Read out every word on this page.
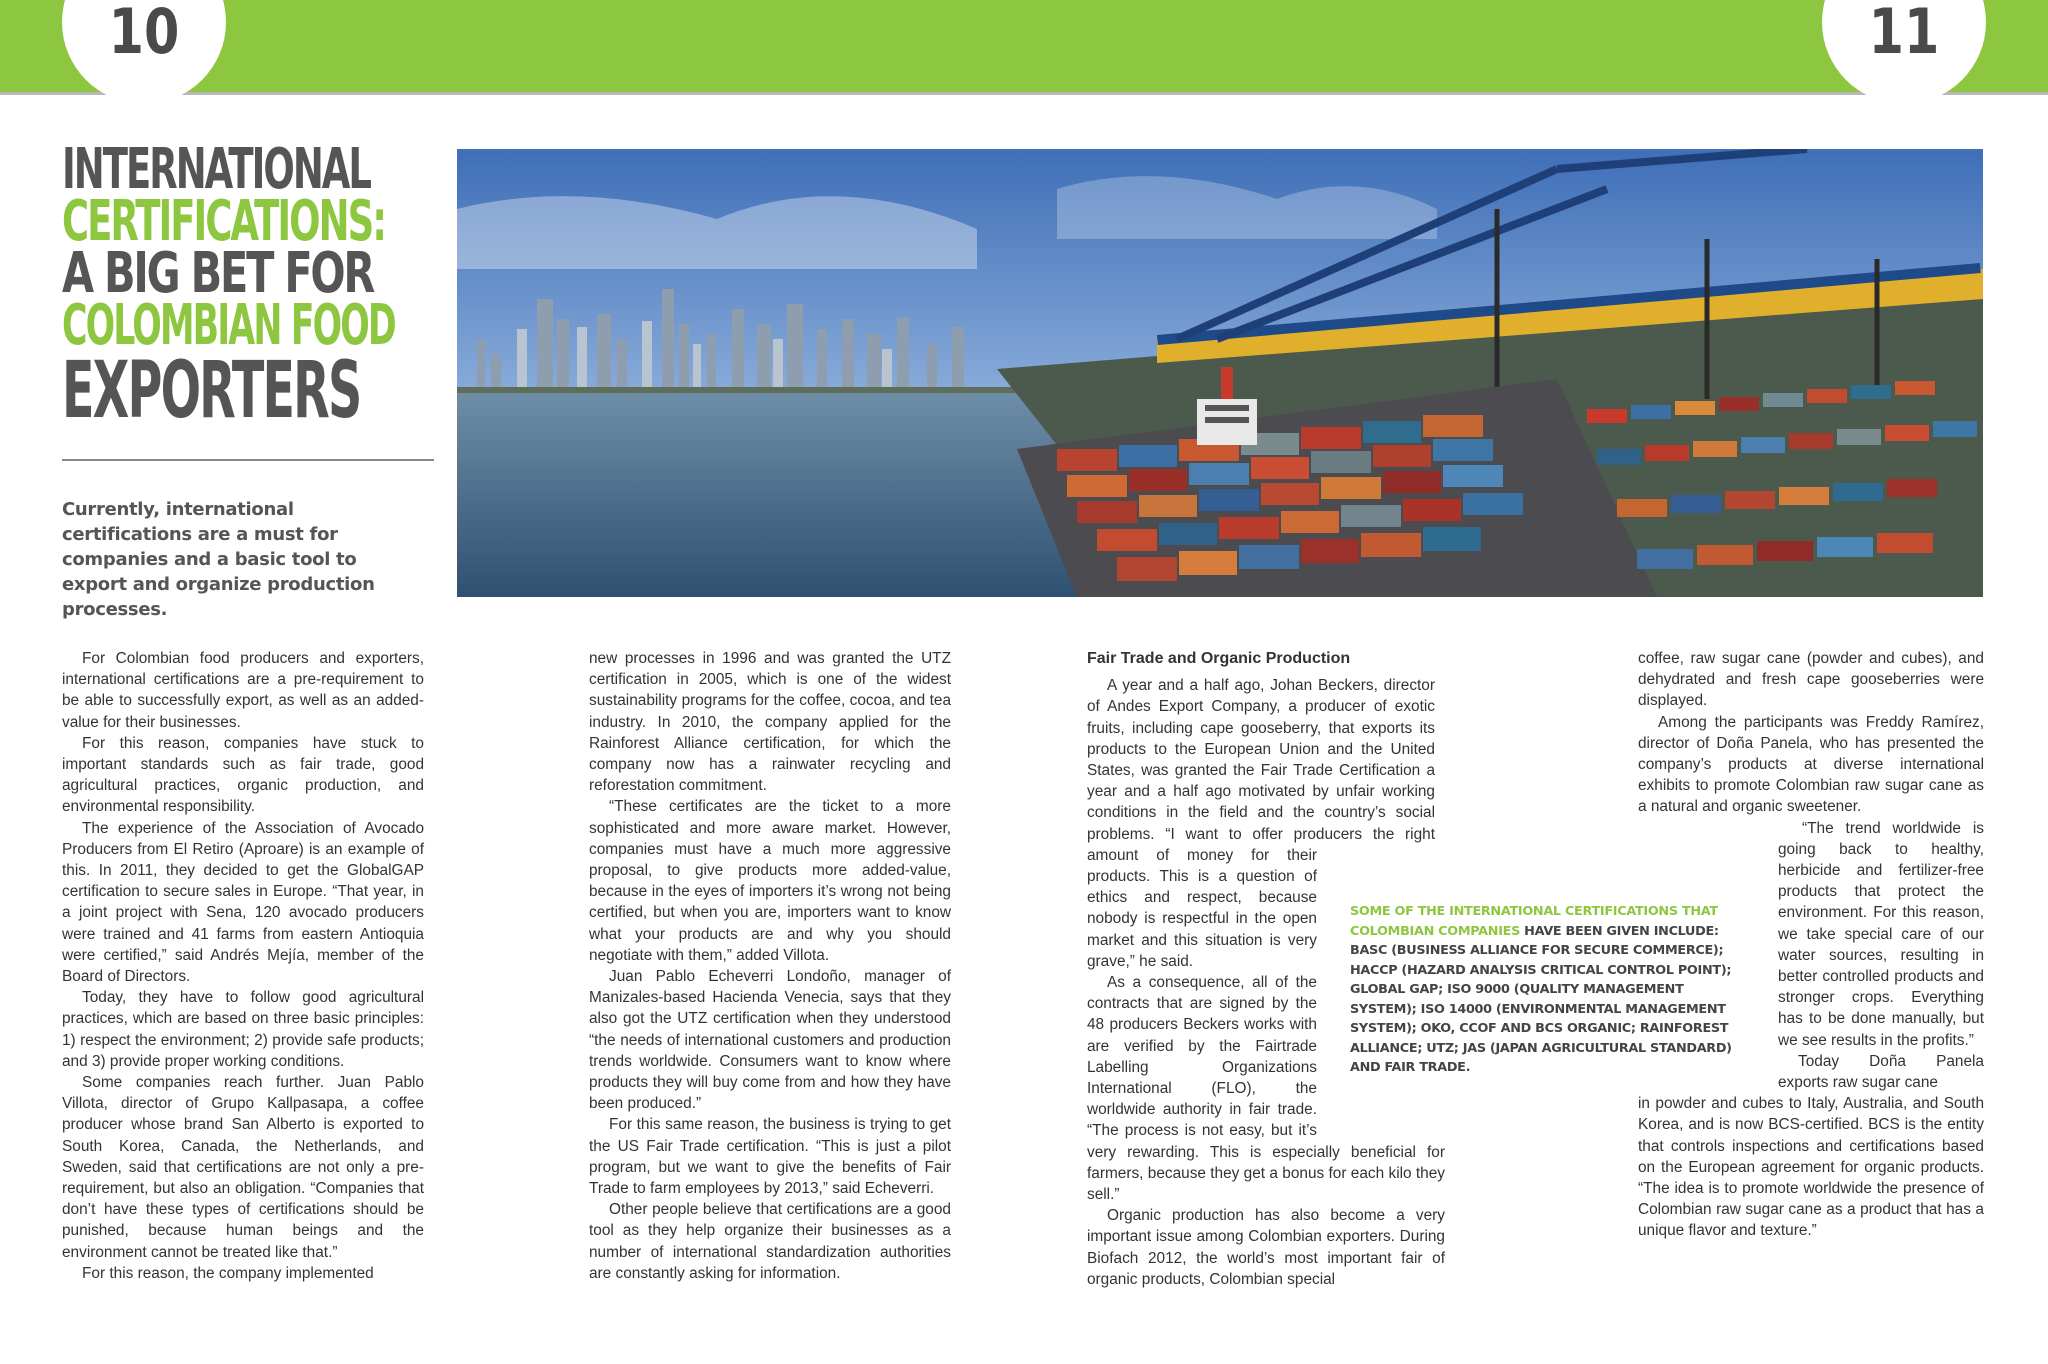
10	11
INTERNATIONAL
CERTIFICATIONS:
A BIG BET FOR
COLOMBIAN FOOD
EXPORTERS
Currently, international certifications are a must for companies and a basic tool to export and organize production processes.

For Colombian food producers and exporters, international certifications are a pre-requirement to be able to successfully export, as well as an added-value for their businesses.

For this reason, companies have stuck to important standards such as fair trade, good agricultural practices, organic production, and environmental responsibility.

The experience of the Association of Avocado Producers from El Retiro (Aproare) is an example of this. In 2011, they decided to get the GlobalGAP certification to secure sales in Europe. “That year, in a joint project with Sena, 120 avocado producers were trained and 41 farms from eastern Antioquia were certified,” said Andrés Mejía, member of the Board of Directors.

Today, they have to follow good agricultural practices, which are based on three basic principles: 1) respect the environment; 2) provide safe products; and 3) provide proper working conditions.

Some companies reach further. Juan Pablo Villota, director of Grupo Kallpasapa, a coffee producer whose brand San Alberto is exported to South Korea, Canada, the Netherlands, and Sweden, said that certifications are not only a pre-requirement, but also an obligation. “Companies that don’t have these types of certifications should be punished, because human beings and the environment cannot be treated like that.”

For this reason, the company implemented

new processes in 1996 and was granted the UTZ certification in 2005, which is one of the widest sustainability programs for the coffee, cocoa, and tea industry. In 2010, the company applied for the Rainforest Alliance certification, for which the company now has a rainwater recycling and reforestation commitment.

“These certificates are the ticket to a more sophisticated and more aware market. However, companies must have a much more aggressive proposal, to give products more added-value, because in the eyes of importers it’s wrong not being certified, but when you are, importers want to know what your products are and why you should negotiate with them,” added Villota.

Juan Pablo Echeverri Londoño, manager of Manizales-based Hacienda Venecia, says that they also got the UTZ certification when they understood “the needs of international customers and production trends worldwide. Consumers want to know where products they will buy come from and how they have been produced.”

For this same reason, the business is trying to get the US Fair Trade certification. “This is just a pilot program, but we want to give the benefits of Fair Trade to farm employees by 2013,” said Echeverri.

Other people believe that certifications are a good tool as they help organize their businesses as a number of international standardization authorities are constantly asking for information.

Fair Trade and Organic Production

A year and a half ago, Johan Beckers, director of Andes Export Company, a producer of exotic fruits, including cape gooseberry, that exports its products to the European Union and the United States, was granted the Fair Trade Certification a year and a half ago motivated by unfair working conditions in the field and the country’s social problems. “I want to offer producers the right amount of money for their products. This is a question of ethics and respect, because nobody is respectful in the open market and this situation is very grave,” he said.

As a consequence, all of the contracts that are signed by the 48 producers Beckers works with are verified by the Fairtrade Labelling Organizations International (FLO), the worldwide authority in fair trade. “The process is not easy, but it’s very rewarding. This is especially beneficial for farmers, because they get a bonus for each kilo they sell.”

Organic production has also become a very important issue among Colombian exporters. During Biofach 2012, the world’s most important fair of organic products, Colombian special

SOME OF THE INTERNATIONAL CERTIFICATIONS THAT COLOMBIAN COMPANIES HAVE BEEN GIVEN INCLUDE: BASC (BUSINESS ALLIANCE FOR SECURE COMMERCE); HACCP (HAZARD ANALYSIS CRITICAL CONTROL POINT); GLOBAL GAP; ISO 9000 (QUALITY MANAGEMENT SYSTEM); ISO 14000 (ENVIRONMENTAL MANAGEMENT SYSTEM); OKO, CCOF AND BCS ORGANIC; RAINFOREST ALLIANCE; UTZ; JAS (JAPAN AGRICULTURAL STANDARD) AND FAIR TRADE.

coffee, raw sugar cane (powder and cubes), and dehydrated and fresh cape gooseberries were displayed.

Among the participants was Freddy Ramírez, director of Doña Panela, who has presented the company’s products at diverse international exhibits to promote Colombian raw sugar cane as a natural and organic sweetener.

“The trend worldwide is going back to healthy, herbicide and fertilizer-free products that protect the environment. For this reason, we take special care of our water sources, resulting in better controlled products and stronger crops. Everything has to be done manually, but we see results in the profits.”

Today Doña Panela exports raw sugar cane

in powder and cubes to Italy, Australia, and South Korea, and is now BCS-certified. BCS is the entity that controls inspections and certifications based on the European agreement for organic products. “The idea is to promote worldwide the presence of Colombian raw sugar cane as a product that has a unique flavor and texture.”
